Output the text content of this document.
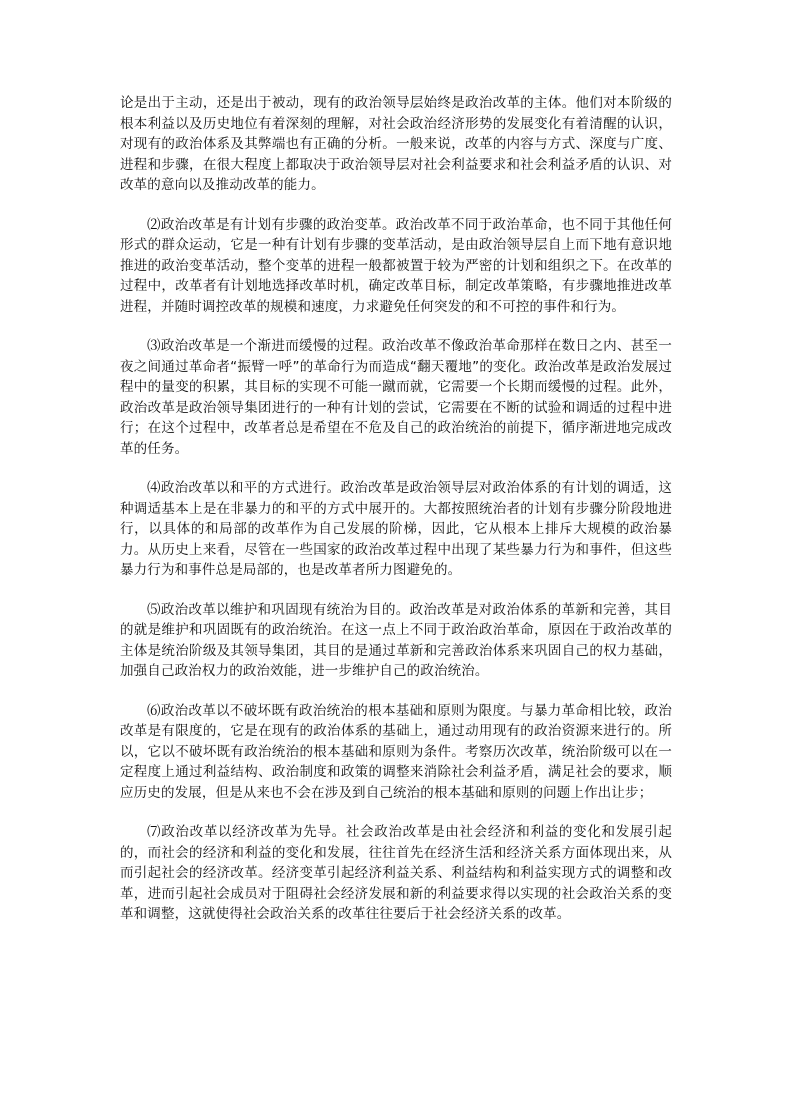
论是出于主动，还是出于被动，现有的政治领导层始终是政治改革的主体。他们对本阶级的根本利益以及历史地位有着深刻的理解，对社会政治经济形势的发展变化有着清醒的认识，对现有的政治体系及其弊端也有正确的分析。一般来说，改革的内容与方式、深度与广度、进程和步骤，在很大程度上都取决于政治领导层对社会利益要求和社会利益矛盾的认识、对改革的意向以及推动改革的能力。

⑵政治改革是有计划有步骤的政治变革。政治改革不同于政治革命，也不同于其他任何形式的群众运动，它是一种有计划有步骤的变革活动，是由政治领导层自上而下地有意识地推进的政治变革活动，整个变革的进程一般都被置于较为严密的计划和组织之下。在改革的过程中，改革者有计划地选择改革时机，确定改革目标，制定改革策略，有步骤地推进改革进程，并随时调控改革的规模和速度，力求避免任何突发的和不可控的事件和行为。

⑶政治改革是一个渐进而缓慢的过程。政治改革不像政治革命那样在数日之内、甚至一夜之间通过革命者“振臂一呼”的革命行为而造成“翻天覆地”的变化。政治改革是政治发展过程中的量变的积累，其目标的实现不可能一蹴而就，它需要一个长期而缓慢的过程。此外，政治改革是政治领导集团进行的一种有计划的尝试，它需要在不断的试验和调适的过程中进行；在这个过程中，改革者总是希望在不危及自己的政治统治的前提下，循序渐进地完成改革的任务。

⑷政治改革以和平的方式进行。政治改革是政治领导层对政治体系的有计划的调适，这种调适基本上是在非暴力的和平的方式中展开的。大都按照统治者的计划有步骤分阶段地进行，以具体的和局部的改革作为自己发展的阶梯，因此，它从根本上排斥大规模的政治暴力。从历史上来看，尽管在一些国家的政治改革过程中出现了某些暴力行为和事件，但这些暴力行为和事件总是局部的，也是改革者所力图避免的。

⑸政治改革以维护和巩固现有统治为目的。政治改革是对政治体系的革新和完善，其目的就是维护和巩固既有的政治统治。在这一点上不同于政治政治革命，原因在于政治改革的主体是统治阶级及其领导集团，其目的是通过革新和完善政治体系来巩固自己的权力基础，加强自己政治权力的政治效能，进一步维护自己的政治统治。

⑹政治改革以不破坏既有政治统治的根本基础和原则为限度。与暴力革命相比较，政治改革是有限度的，它是在现有的政治体系的基础上，通过动用现有的政治资源来进行的。所以，它以不破坏既有政治统治的根本基础和原则为条件。考察历次改革，统治阶级可以在一定程度上通过利益结构、政治制度和政策的调整来消除社会利益矛盾，满足社会的要求，顺应历史的发展，但是从来也不会在涉及到自己统治的根本基础和原则的问题上作出让步；

⑺政治改革以经济改革为先导。社会政治改革是由社会经济和利益的变化和发展引起的，而社会的经济和利益的变化和发展，往往首先在经济生活和经济关系方面体现出来，从而引起社会的经济改革。经济变革引起经济利益关系、利益结构和利益实现方式的调整和改革，进而引起社会成员对于阻碍社会经济发展和新的利益要求得以实现的社会政治关系的变革和调整，这就使得社会政治关系的改革往往要后于社会经济关系的改革。
